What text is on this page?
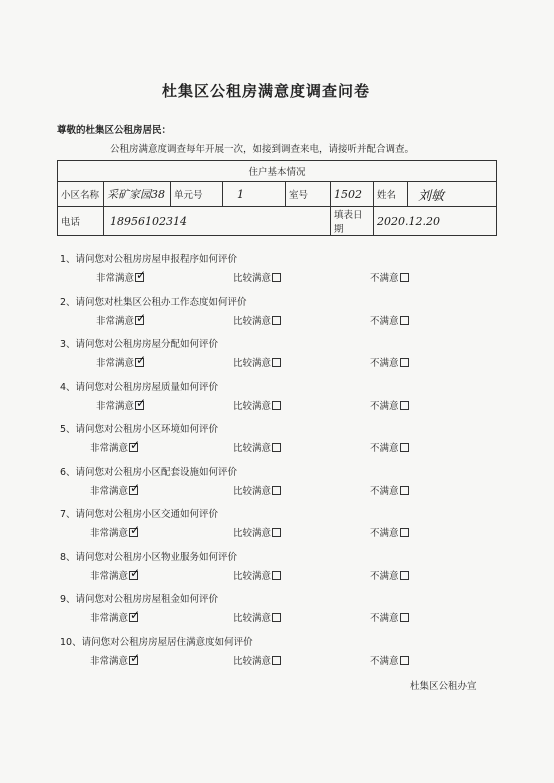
杜集区公租房满意度调查问卷
尊敬的杜集区公租房居民：
公租房满意度调查每年开展一次，如接到调查来电，请接听并配合调查。
住户基本情况							
小区名称	采矿家园38	单元号	1	室号	1502	姓名	刘敏
电话	18956102314				填表日期	2020.12.20	
1、请问您对公租房房屋申报程序如何评价
非常满意 ✓	比较满意	不满意
2、请问您对杜集区公租办工作态度如何评价
非常满意 ✓	比较满意	不满意
3、请问您对公租房房屋分配如何评价
非常满意 ✓	比较满意	不满意
4、请问您对公租房房屋质量如何评价
非常满意 ✓	比较满意	不满意
5、请问您对公租房小区环境如何评价
非常满意 ✓	比较满意	不满意
6、请问您对公租房小区配套设施如何评价
非常满意 ✓	比较满意	不满意
7、请问您对公租房小区交通如何评价
非常满意 ✓	比较满意	不满意
8、请问您对公租房小区物业服务如何评价
非常满意 ✓	比较满意	不满意
9、请问您对公租房房屋租金如何评价
非常满意 ✓	比较满意	不满意
10、请问您对公租房房屋居住满意度如何评价
非常满意 ✓	比较满意	不满意
杜集区公租办宣
